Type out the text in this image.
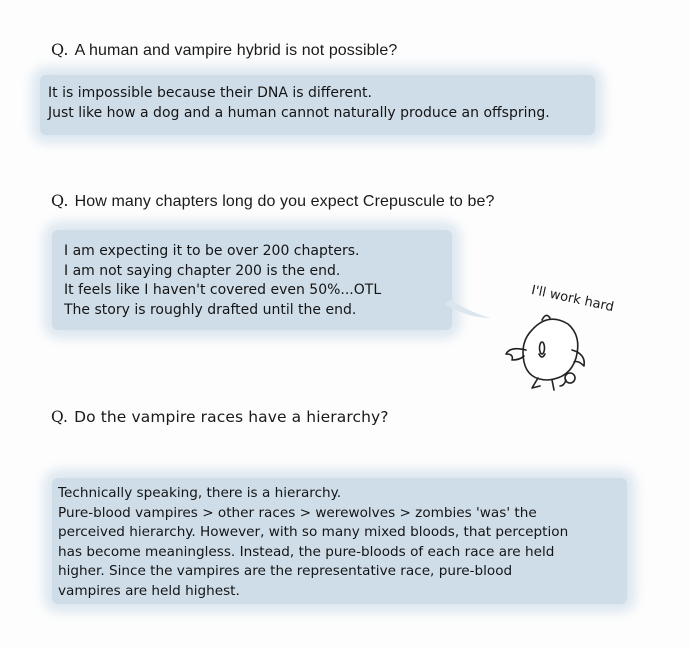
Q. A human and vampire hybrid is not possible?
It is impossible because their DNA is different.
Just like how a dog and a human cannot naturally produce an offspring.
Q. How many chapters long do you expect Crepuscule to be?
I am expecting it to be over 200 chapters.
I am not saying chapter 200 is the end.
It feels like I haven't covered even 50%...OTL
The story is roughly drafted until the end.	I'll work hard
Q. Do the vampire races have a hierarchy?
Technically speaking, there is a hierarchy.
Pure-blood vampires > other races > werewolves > zombies 'was' the
perceived hierarchy. However, with so many mixed bloods, that perception
has become meaningless. Instead, the pure-bloods of each race are held
higher. Since the vampires are the representative race, pure-blood
vampires are held highest.
